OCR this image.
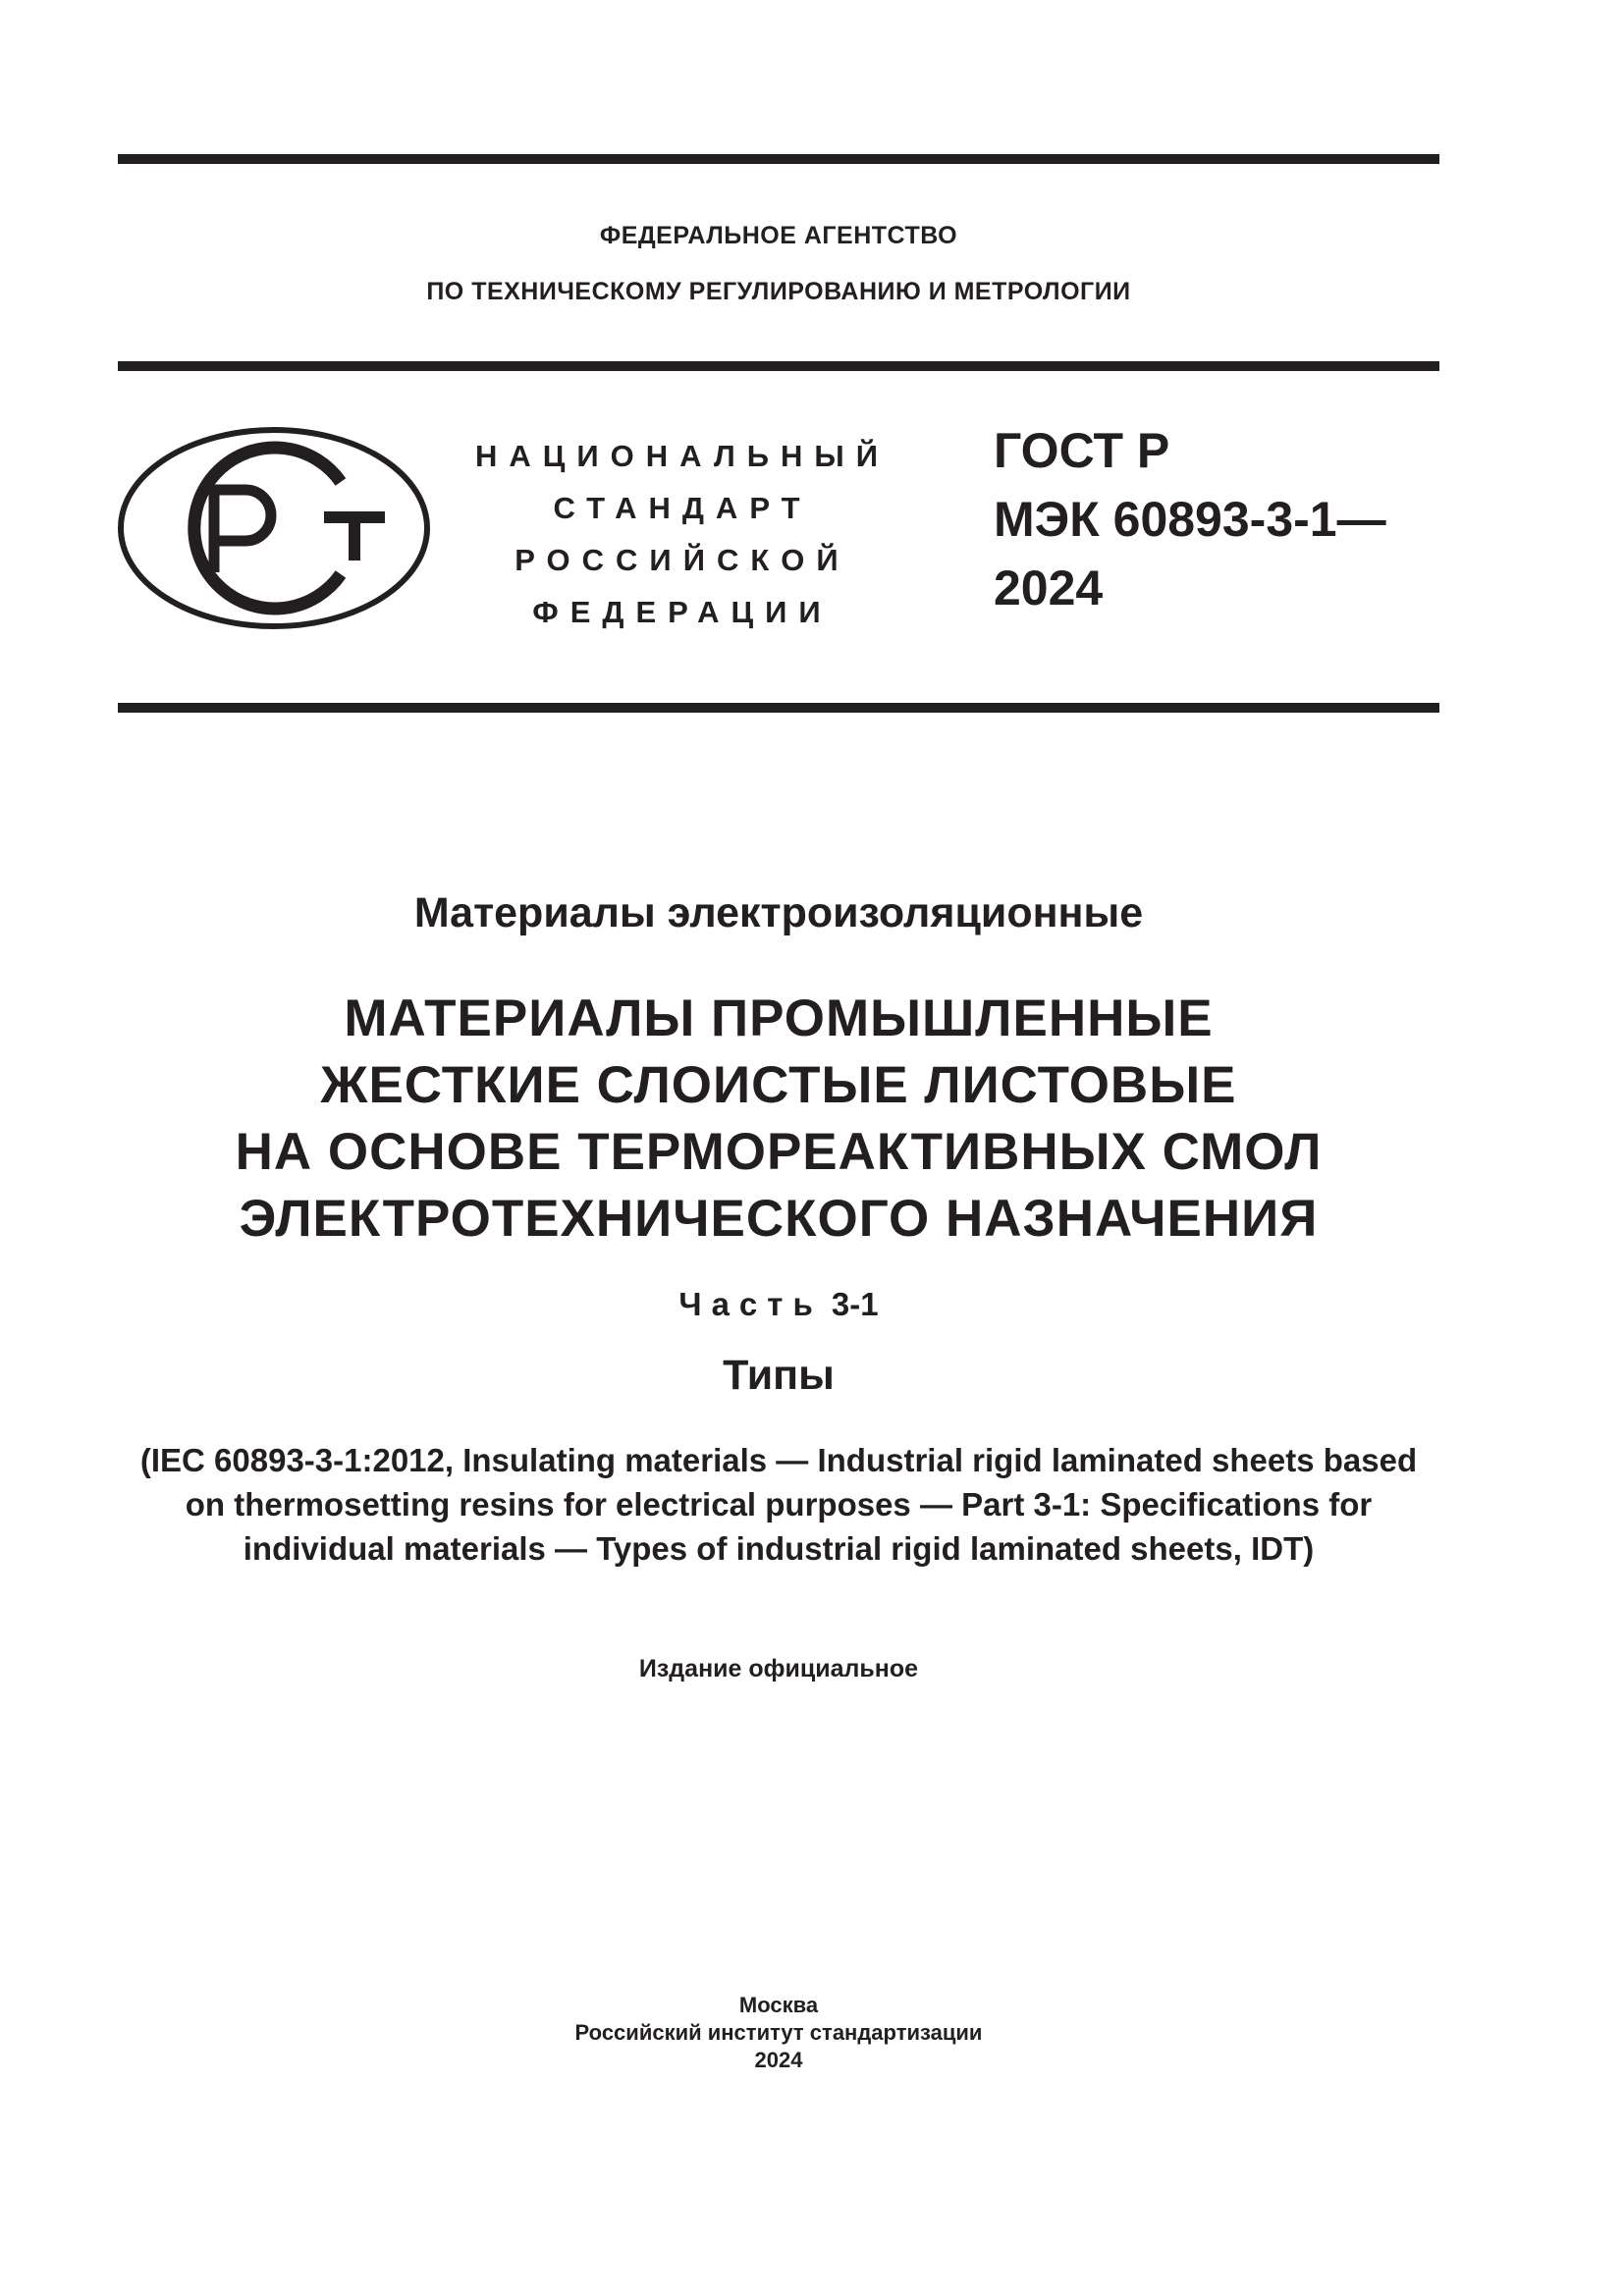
ФЕДЕРАЛЬНОЕ АГЕНТСТВО
ПО ТЕХНИЧЕСКОМУ РЕГУЛИРОВАНИЮ И МЕТРОЛОГИИ
НАЦИОНАЛЬНЫЙ
СТАНДАРТ
РОССИЙСКОЙ
ФЕДЕРАЦИИ
ГОСТ Р
МЭК 60893-3-1—
2024
Материалы электроизоляционные
МАТЕРИАЛЫ ПРОМЫШЛЕННЫЕ
ЖЕСТКИЕ СЛОИСТЫЕ ЛИСТОВЫЕ
НА ОСНОВЕ ТЕРМОРЕАКТИВНЫХ СМОЛ
ЭЛЕКТРОТЕХНИЧЕСКОГО НАЗНАЧЕНИЯ
Часть 3-1
Типы
(IEC 60893-3-1:2012, Insulating materials — Industrial rigid laminated sheets based
on thermosetting resins for electrical purposes — Part 3-1: Specifications for
individual materials — Types of industrial rigid laminated sheets, IDT)
Издание официальное
Москва
Российский институт стандартизации
2024
